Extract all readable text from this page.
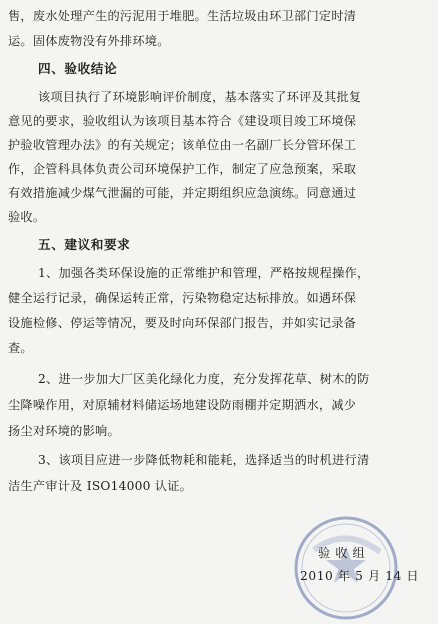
售，废水处理产生的污泥用于堆肥。生活垃圾由环卫部门定时清
运。固体废物没有外排环境。
四、验收结论
该项目执行了环境影响评价制度，基本落实了环评及其批复
意见的要求，验收组认为该项目基本符合《建设项目竣工环境保
护验收管理办法》的有关规定；该单位由一名副厂长分管环保工
作，企管科具体负责公司环境保护工作，制定了应急预案，采取
有效措施减少煤气泄漏的可能，并定期组织应急演练。同意通过
验收。
五、建议和要求
1、加强各类环保设施的正常维护和管理，严格按规程操作，
健全运行记录，确保运转正常，污染物稳定达标排放。如遇环保
设施检修、停运等情况，要及时向环保部门报告，并如实记录备
查。
2、进一步加大厂区美化绿化力度，充分发挥花草、树木的防
尘降噪作用，对原辅材料储运场地建设防雨棚并定期洒水，减少
扬尘对环境的影响。
3、该项目应进一步降低物耗和能耗，选择适当的时机进行清
洁生产审计及 ISO14000 认证。
验 收 组
2010 年 5 月 14 日
